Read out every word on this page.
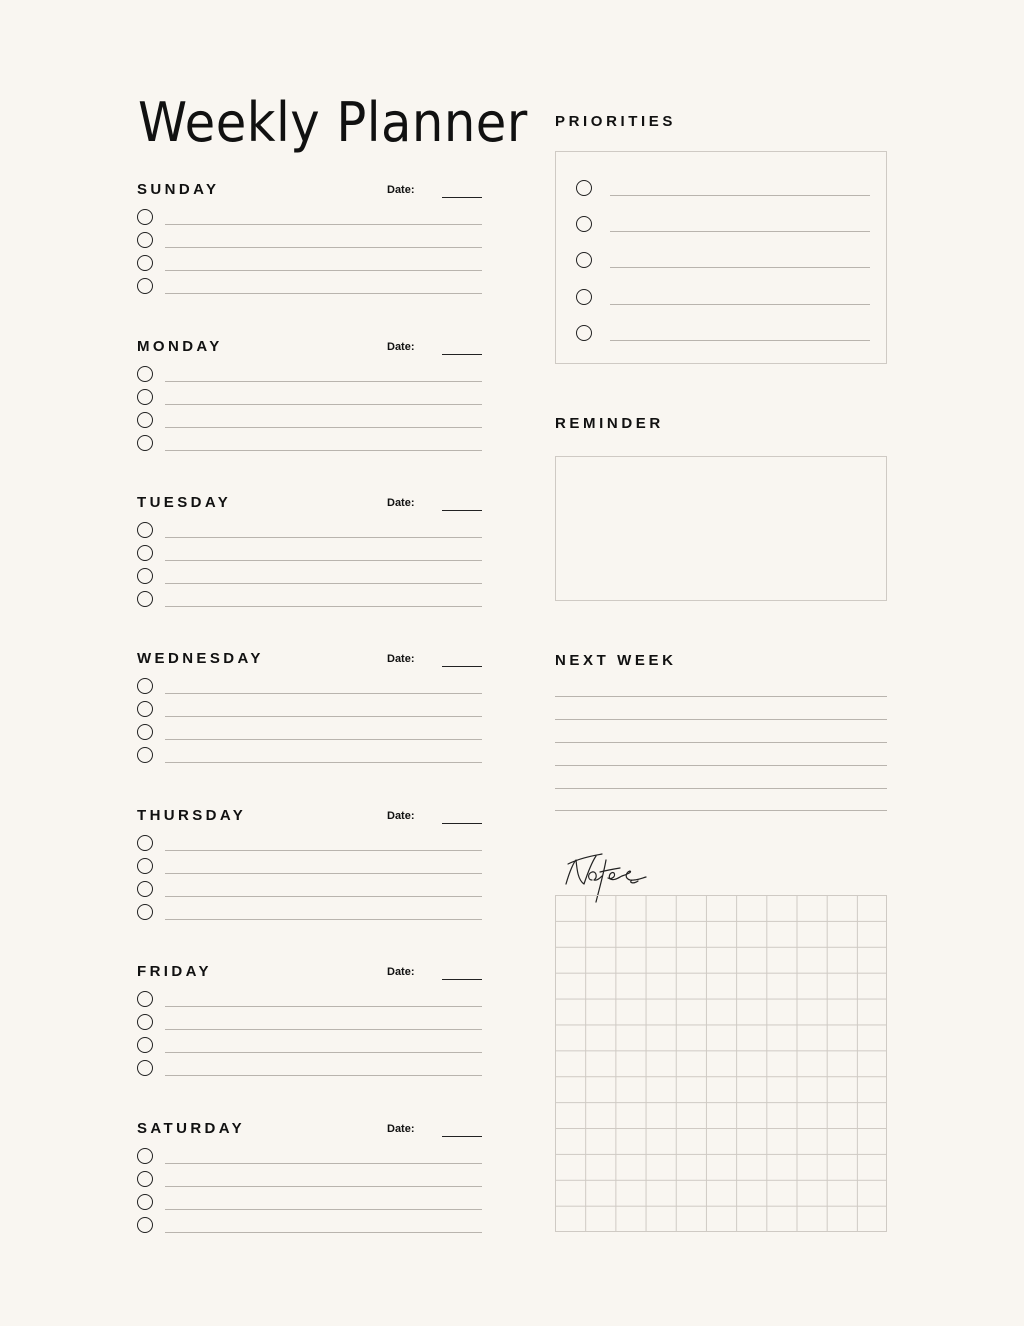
Weekly Planner
SUNDAY	Date:
MONDAY	Date:
TUESDAY	Date:
WEDNESDAY	Date:
THURSDAY	Date:
FRIDAY	Date:
SATURDAY	Date:
PRIORITIES
REMINDER
NEXT WEEK
